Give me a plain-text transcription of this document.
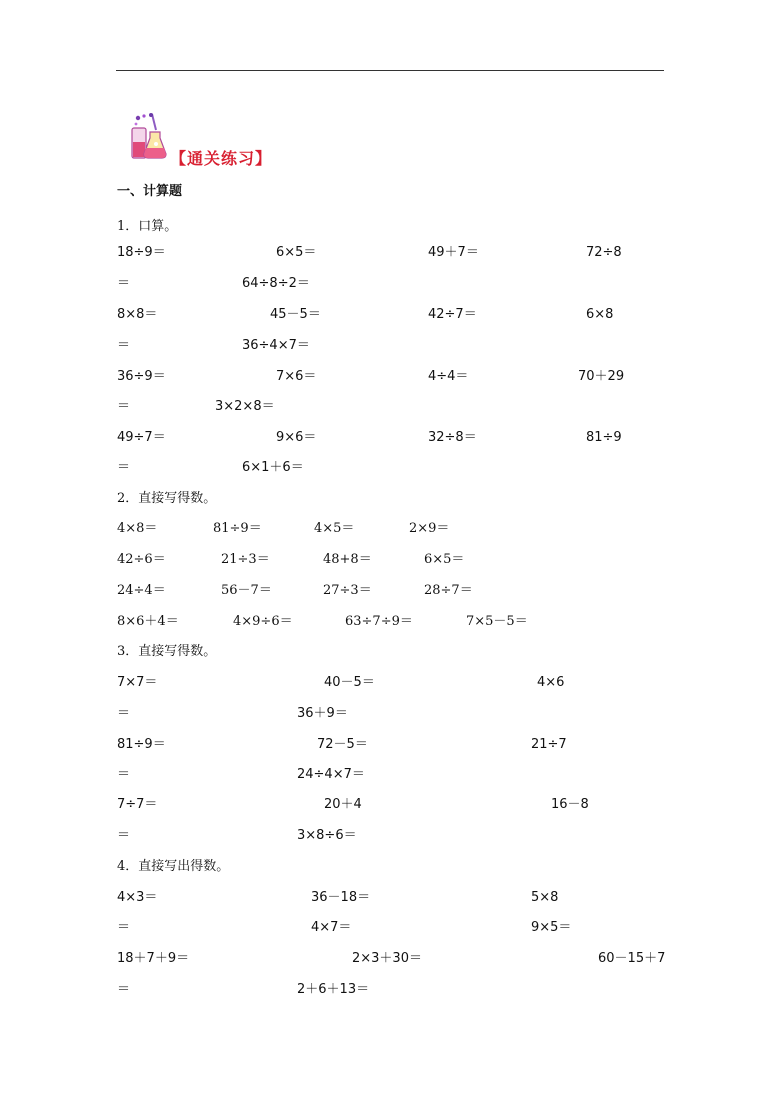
【通关练习】
一、计算题
1．口算。
18÷9＝	6×5＝	49＋7＝	72÷8
＝	64÷8÷2＝
8×8＝	45－5＝	42÷7＝	6×8
＝	36÷4×7＝
36÷9＝	7×6＝	4÷4＝	70＋29
＝	3×2×8＝
49÷7＝	9×6＝	32÷8＝	81÷9
＝	6×1＋6＝
2．直接写得数。
4×8＝	81÷9＝	4×5＝	2×9＝
42÷6＝	21÷3＝	48+8＝	6×5＝
24÷4＝	56－7＝	27÷3＝	28÷7＝
8×6＋4＝	4×9÷6＝	63÷7÷9＝	7×5－5＝
3．直接写得数。
7×7＝	40－5＝	4×6
＝	36＋9＝
81÷9＝	72－5＝	21÷7
＝	24÷4×7＝
7÷7＝	20＋4	16－8
＝	3×8÷6＝
4．直接写出得数。
4×3＝	36－18＝	5×8
＝	4×7＝	9×5＝
18＋7＋9＝	2×3＋30＝	60－15＋7
＝	2＋6＋13＝
